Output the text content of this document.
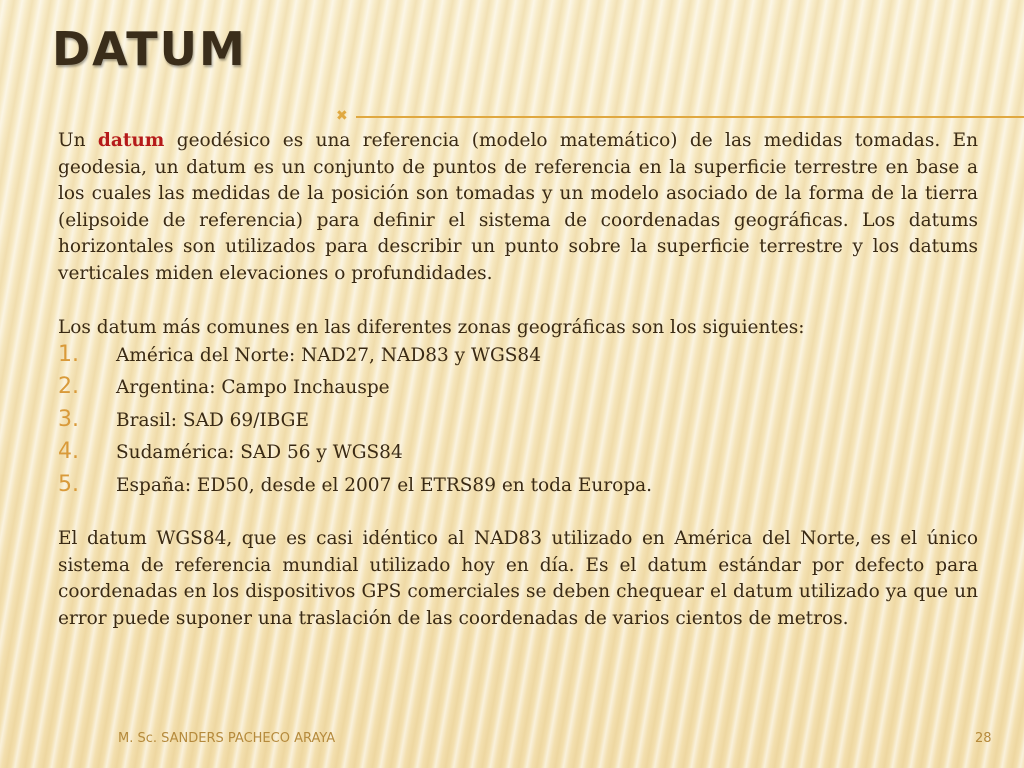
DATUM
✖

Un datum geodésico es una referencia (modelo matemático) de las medidas tomadas. En geodesia, un datum es un conjunto de puntos de referencia en la superficie terrestre en base a los cuales las medidas de la posición son tomadas y un modelo asociado de la forma de la tierra (elipsoide de referencia) para definir el sistema de coordenadas geográficas. Los datums horizontales son utilizados para describir un punto sobre la superficie terrestre y los datums verticales miden elevaciones o profundidades.

Los datum más comunes en las diferentes zonas geográficas son los siguientes:

1.	América del Norte: NAD27, NAD83 y WGS84
2.	Argentina: Campo Inchauspe
3.	Brasil: SAD 69/IBGE
4.	Sudamérica: SAD 56 y WGS84
5.	España: ED50, desde el 2007 el ETRS89 en toda Europa.

El datum WGS84, que es casi idéntico al NAD83 utilizado en América del Norte, es el único sistema de referencia mundial utilizado hoy en día. Es el datum estándar por defecto para coordenadas en los dispositivos GPS comerciales se deben chequear el datum utilizado ya que un error puede suponer una traslación de las coordenadas de varios cientos de metros.

M. Sc. SANDERS PACHECO ARAYA	28
